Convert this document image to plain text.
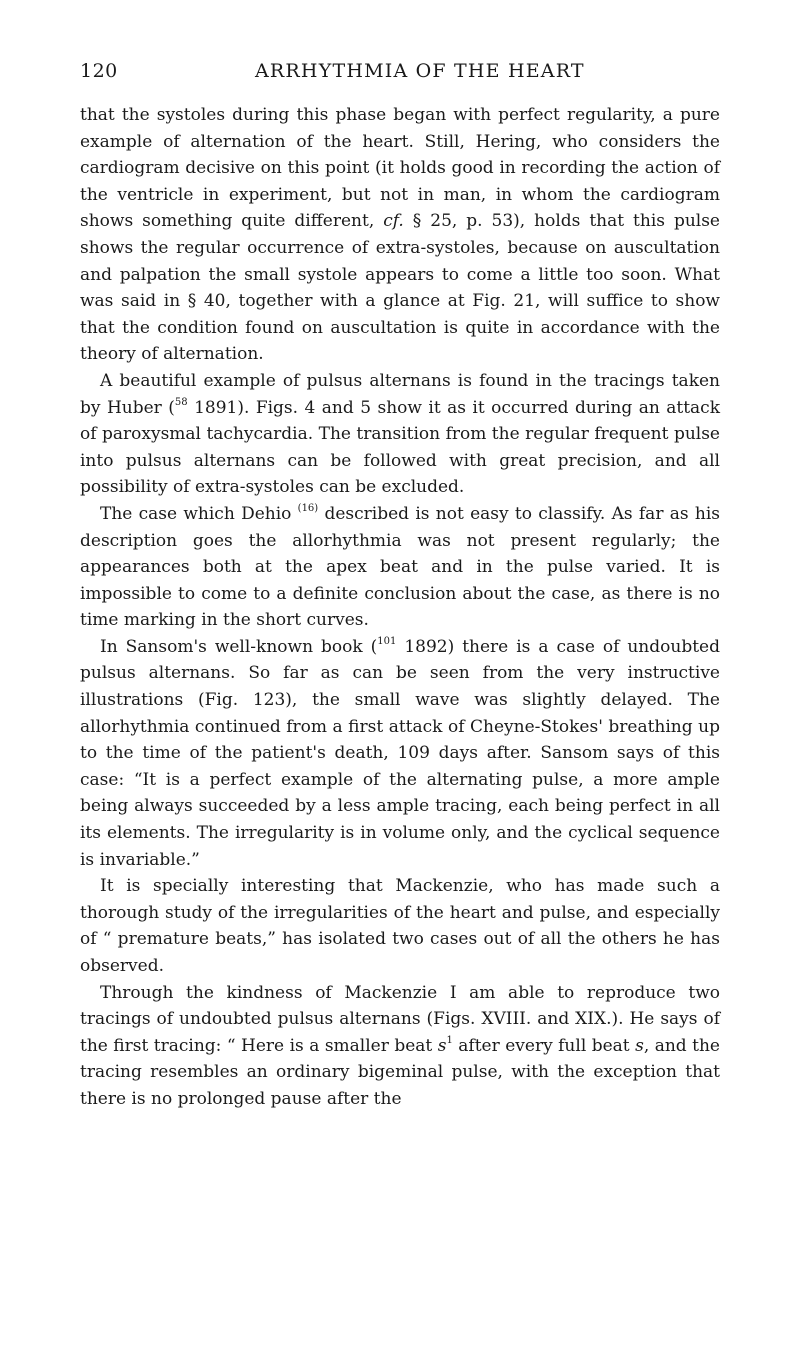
120	ARRHYTHMIA OF THE HEART

that the systoles during this phase began with perfect regularity, a pure example of alternation of the heart. Still, Hering, who considers the cardiogram decisive on this point (it holds good in recording the action of the ventricle in experiment, but not in man, in whom the cardiogram shows something quite different, cf. § 25, p. 53), holds that this pulse shows the regular occurrence of extra-systoles, because on auscultation and palpation the small systole appears to come a little too soon. What was said in § 40, together with a glance at Fig. 21, will suffice to show that the condition found on auscultation is quite in accordance with the theory of alternation.

A beautiful example of pulsus alternans is found in the tracings taken by Huber ($^{58}$ 1891). Figs. 4 and 5 show it as it occurred during an attack of paroxysmal tachycardia. The transition from the regular frequent pulse into pulsus alternans can be followed with great precision, and all possibility of extra-systoles can be excluded.

The case which Dehio $^{(16)}$ described is not easy to classify. As far as his description goes the allorhythmia was not present regularly; the appearances both at the apex beat and in the pulse varied. It is impossible to come to a definite conclusion about the case, as there is no time marking in the short curves.

In Sansom's well-known book ($^{101}$ 1892) there is a case of undoubted pulsus alternans. So far as can be seen from the very instructive illustrations (Fig. 123), the small wave was slightly delayed. The allorhythmia continued from a first attack of Cheyne-Stokes' breathing up to the time of the patient's death, 109 days after. Sansom says of this case: “It is a perfect example of the alternating pulse, a more ample being always succeeded by a less ample tracing, each being perfect in all its elements. The irregularity is in volume only, and the cyclical sequence is invariable.”

It is specially interesting that Mackenzie, who has made such a thorough study of the irregularities of the heart and pulse, and especially of “ premature beats,” has isolated two cases out of all the others he has observed.

Through the kindness of Mackenzie I am able to reproduce two tracings of undoubted pulsus alternans (Figs. XVIII. and XIX.). He says of the first tracing: “ Here is a smaller beat $s^1$ after every full beat s, and the tracing resembles an ordinary bigeminal pulse, with the exception that there is no prolonged pause after the
